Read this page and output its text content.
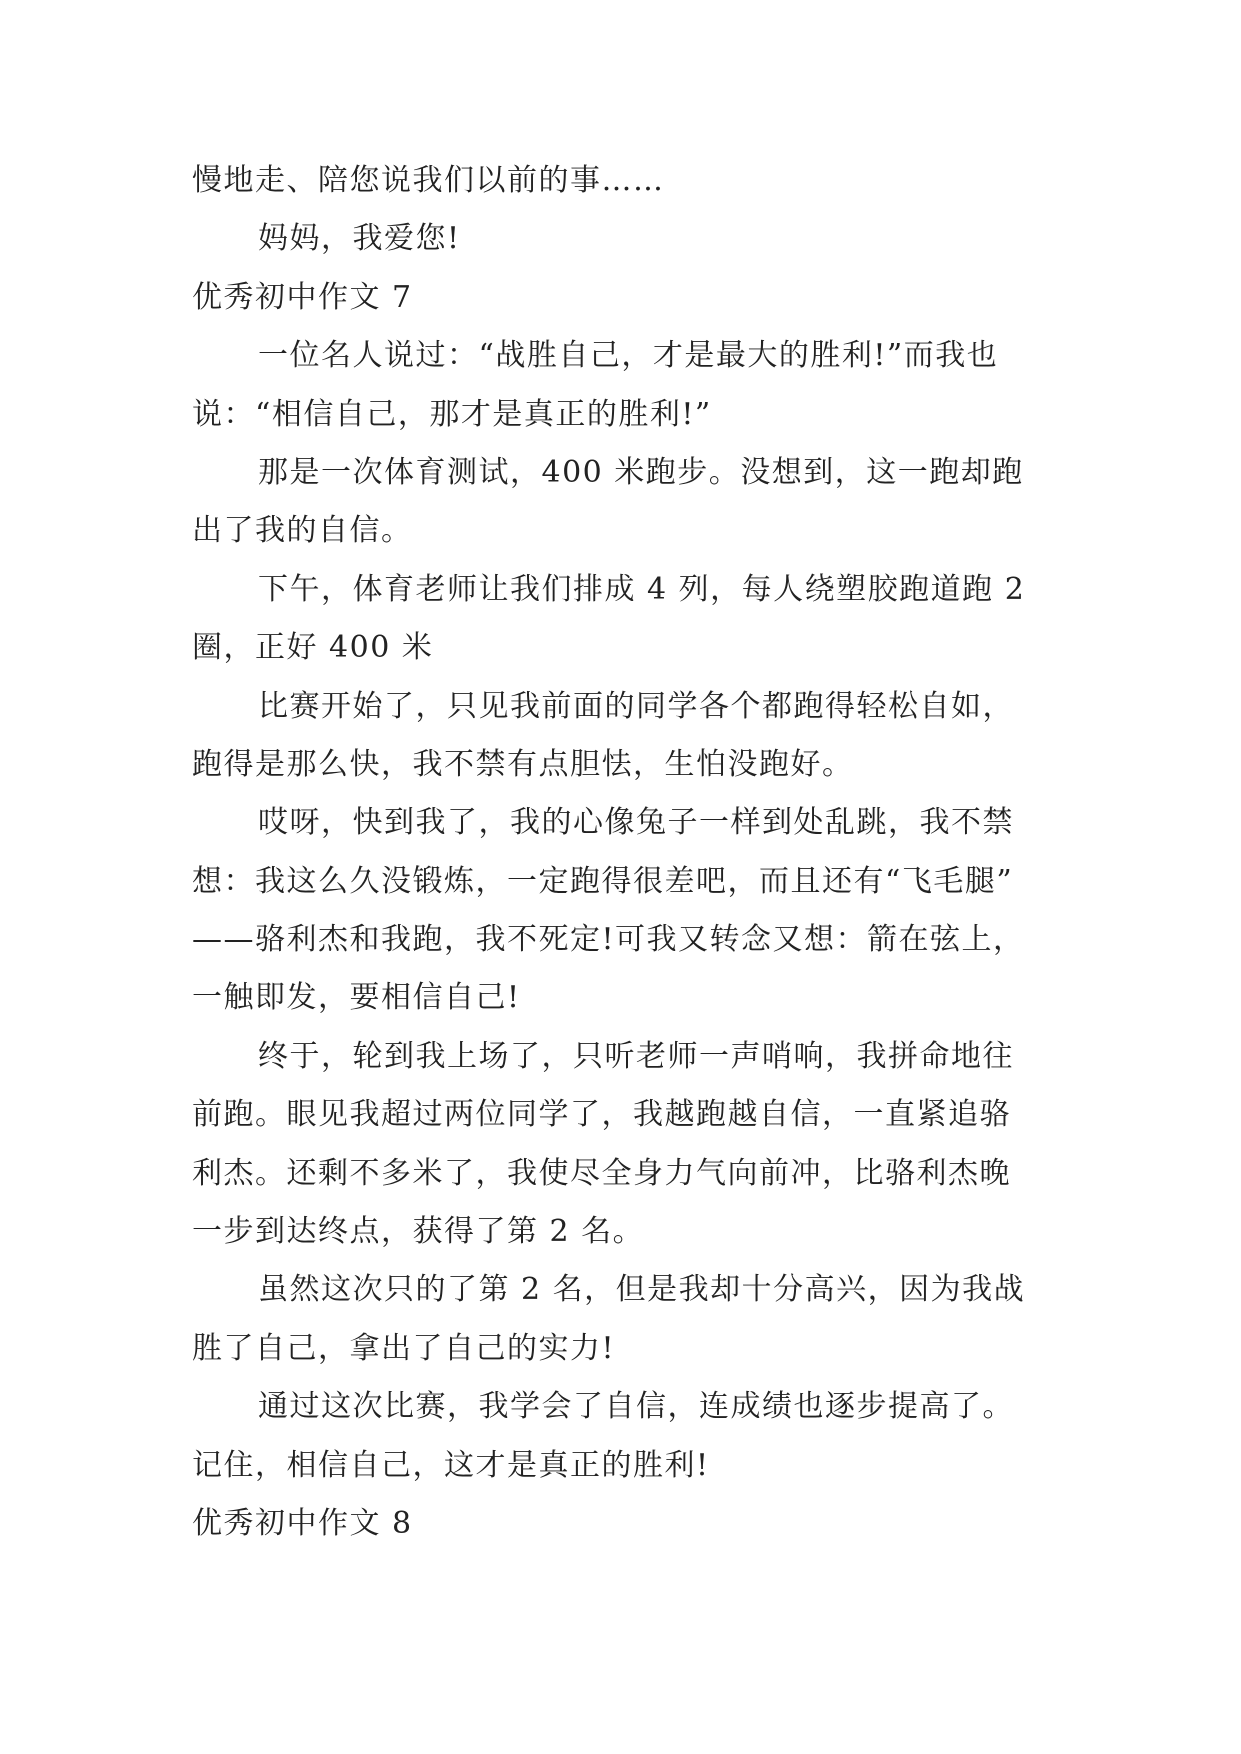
慢地走、陪您说我们以前的事……
妈妈，我爱您!
优秀初中作文 7
一位名人说过：“战胜自己，才是最大的胜利!”而我也
说：“相信自己，那才是真正的胜利!”
那是一次体育测试，400 米跑步。没想到，这一跑却跑
出了我的自信。
下午，体育老师让我们排成 4 列，每人绕塑胶跑道跑 2
圈，正好 400 米
比赛开始了，只见我前面的同学各个都跑得轻松自如，
跑得是那么快，我不禁有点胆怯，生怕没跑好。
哎呀，快到我了，我的心像兔子一样到处乱跳，我不禁
想：我这么久没锻炼，一定跑得很差吧，而且还有“飞毛腿”
——骆利杰和我跑，我不死定!可我又转念又想：箭在弦上，
一触即发，要相信自己!
终于，轮到我上场了，只听老师一声哨响，我拼命地往
前跑。眼见我超过两位同学了，我越跑越自信，一直紧追骆
利杰。还剩不多米了，我使尽全身力气向前冲，比骆利杰晚
一步到达终点，获得了第 2 名。
虽然这次只的了第 2 名，但是我却十分高兴，因为我战
胜了自己，拿出了自己的实力!
通过这次比赛，我学会了自信，连成绩也逐步提高了。
记住，相信自己，这才是真正的胜利!
优秀初中作文 8
